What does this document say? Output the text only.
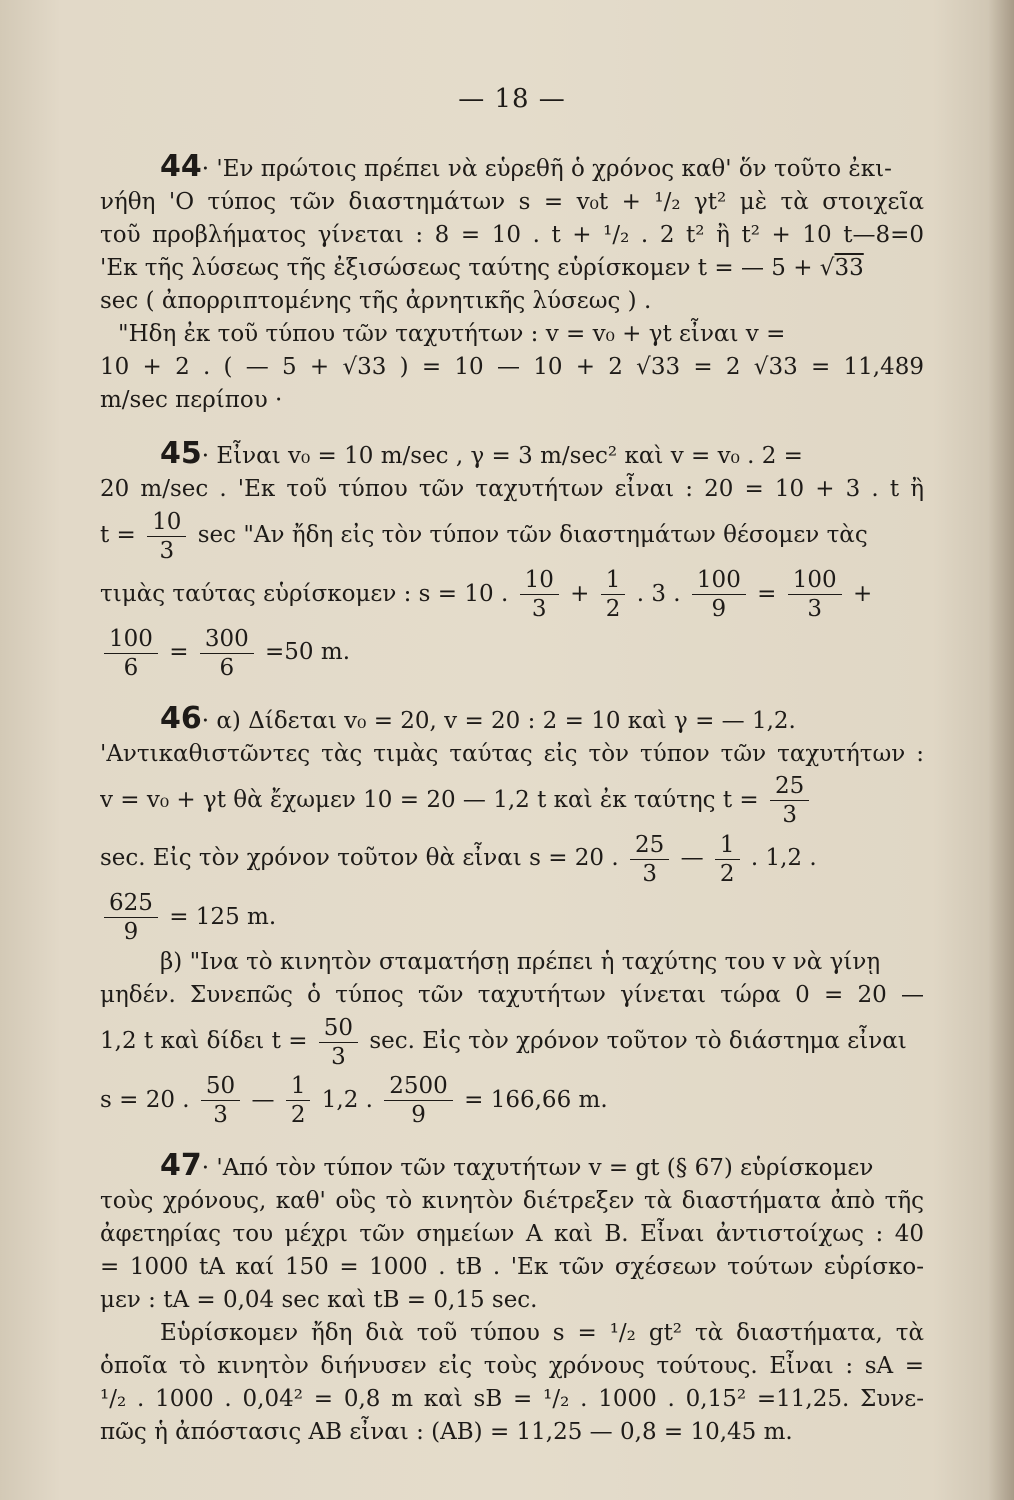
— 18 —
44· 'Εν πρώτοις πρέπει νὰ εὑρεθῆ ὁ χρόνος καθ' ὅν τοῦτο ἐκι-
νήθη 'Ο τύπος τῶν διαστημάτων s = v₀t + ¹/₂ γt² μὲ τὰ στοιχεῖα
τοῦ προβλήματος γίνεται : 8 = 10 . t + ¹/₂ . 2 t² ἢ t² + 10 t—8=0
'Εκ τῆς λύσεως τῆς ἐξισώσεως ταύτης εὑρίσκομεν t = — 5 + √33
sec ( ἀπορριπτομένης τῆς ἀρνητικῆς λύσεως ) .
"Ηδη ἐκ τοῦ τύπου τῶν ταχυτήτων : v = v₀ + γt εἶναι v =
10 + 2 . ( — 5 + √33 ) = 10 — 10 + 2 √33 = 2 √33 = 11,489
m/sec περίπου ·
45· Εἶναι v₀ = 10 m/sec , γ = 3 m/sec² καὶ v = v₀ . 2 =
20 m/sec . 'Εκ τοῦ τύπου τῶν ταχυτήτων εἶναι : 20 = 10 + 3 . t ἢ
$t = \frac{10}{3}$ sec "Αν ἤδη εἰς τὸν τύπον τῶν διαστημάτων θέσομεν τὰς
τιμὰς ταύτας εὑρίσκομεν : s = 10 . $\frac{10}{3} + \frac{1}{2}$ . 3 . $\frac{100}{9} = \frac{100}{3}$ +
$\frac{100}{6} = \frac{300}{6} =50$ m.
46· α) Δίδεται v₀ = 20, v = 20 : 2 = 10 καὶ γ = — 1,2.
'Αντικαθιστῶντες τὰς τιμὰς ταύτας εἰς τὸν τύπον τῶν ταχυτήτων :
v = v₀ + γt θὰ ἔχωμεν 10 = 20 — 1,2 t καὶ ἐκ ταύτης $t = \frac{25}{3}$
sec. Εἰς τὸν χρόνον τοῦτον θὰ εἶναι s = 20 . $\frac{25}{3}$ — $\frac{1}{2}$ . 1,2 .
$\frac{625}{9} = 125$ m.
β) "Ινα τὸ κινητὸν σταματήσῃ πρέπει ἡ ταχύτης του v νὰ γίνῃ
μηδέν. Συνεπῶς ὁ τύπος τῶν ταχυτήτων γίνεται τώρα 0 = 20 —
1,2 t καὶ δίδει $t = \frac{50}{3} \sec$. Εἰς τὸν χρόνον τοῦτον τὸ διάστημα εἶναι
s = 20 . $\frac{50}{3}$ — $\frac{1}{2} 1,2$ . $\frac{2500}{9} = 166,66$ m.
47· 'Από τὸν τύπον τῶν ταχυτήτων v = gt (§ 67) εὑρίσκομεν
τοὺς χρόνους, καθ' οὓς τὸ κινητὸν διέτρεξεν τὰ διαστήματα ἀπὸ τῆς
ἀφετηρίας του μέχρι τῶν σημείων A καὶ B. Εἶναι ἀντιστοίχως : 40
= 1000 tA καί 150 = 1000 . tB . 'Εκ τῶν σχέσεων τούτων εὑρίσκο-
μεν : tA = 0,04 sec καὶ tB = 0,15 sec.
Εὑρίσκομεν ἤδη διὰ τοῦ τύπου s = ¹/₂ gt² τὰ διαστήματα, τὰ
ὁποῖα τὸ κινητὸν διήνυσεν εἰς τοὺς χρόνους τούτους. Εἶναι : sA =
¹/₂ . 1000 . 0,04² = 0,8 m καὶ sB = ¹/₂ . 1000 . 0,15² =11,25. Συνε-
πῶς ἡ ἀπόστασις AB εἶναι : (AB) = 11,25 — 0,8 = 10,45 m.
